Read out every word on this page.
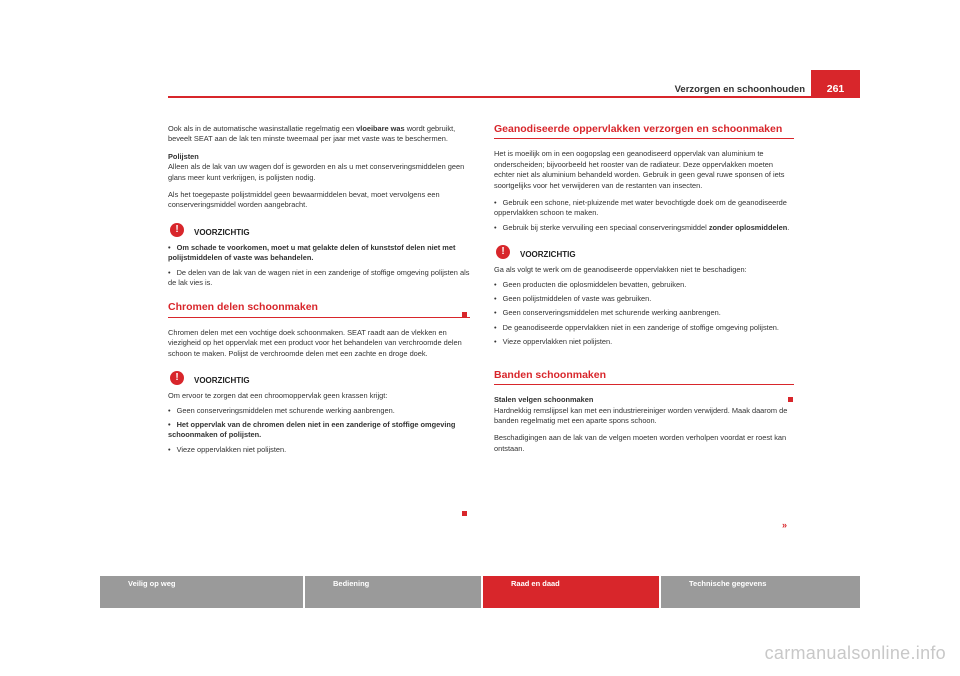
Verzorgen en schoonhouden	261

Ook als in de automatische wasinstallatie regelmatig een vloeibare was wordt gebruikt, beveelt SEAT aan de lak ten minste tweemaal per jaar met vaste was te beschermen.

Polijsten

Alleen als de lak van uw wagen dof is geworden en als u met conserveringsmiddelen geen glans meer kunt verkrijgen, is polijsten nodig.

Als het toegepaste polijstmiddel geen bewaarmiddelen bevat, moet vervolgens een conserveringsmiddel worden aangebracht.

!	VOORZICHTIG

• Om schade te voorkomen, moet u mat gelakte delen of kunststof delen niet met polijstmiddelen of vaste was behandelen.

• De delen van de lak van de wagen niet in een zanderige of stoffige omgeving polijsten als de lak vies is.

Chromen delen schoonmaken

Chromen delen met een vochtige doek schoonmaken. SEAT raadt aan de vlekken en viezigheid op het oppervlak met een product voor het behandelen van verchroomde delen schoon te maken. Polijst de verchroomde delen met een zachte en droge doek.

!	VOORZICHTIG

Om ervoor te zorgen dat een chroomoppervlak geen krassen krijgt:

• Geen conserveringsmiddelen met schurende werking aanbrengen.

• Het oppervlak van de chromen delen niet in een zanderige of stoffige omgeving schoonmaken of polijsten.

• Vieze oppervlakken niet polijsten.

Geanodiseerde oppervlakken verzorgen en schoonmaken

Het is moeilijk om in een oogopslag een geanodiseerd oppervlak van aluminium te onderscheiden; bijvoorbeeld het rooster van de radiateur. Deze oppervlakken moeten echter niet als aluminium behandeld worden. Gebruik in geen geval ruwe sponsen of iets soortgelijks voor het verwijderen van de restanten van insecten.

• Gebruik een schone, niet-pluizende met water bevochtigde doek om de geanodiseerde oppervlakken schoon te maken.

• Gebruik bij sterke vervuiling een speciaal conserveringsmiddel zonder oplosmiddelen.

!	VOORZICHTIG

Ga als volgt te werk om de geanodiseerde oppervlakken niet te beschadigen:

• Geen producten die oplosmiddelen bevatten, gebruiken.

• Geen polijstmiddelen of vaste was gebruiken.

• Geen conserveringsmiddelen met schurende werking aanbrengen.

• De geanodiseerde oppervlakken niet in een zanderige of stoffige omgeving polijsten.

• Vieze oppervlakken niet polijsten.

Banden schoonmaken

Stalen velgen schoonmaken

Hardnekkig remslijpsel kan met een industriereiniger worden verwijderd. Maak daarom de banden regelmatig met een aparte spons schoon.

Beschadigingen aan de lak van de velgen moeten worden verholpen voordat er roest kan ontstaan.

»
Veilig op weg	Bediening	Raad en daad	Technische gegevens
carmanualsonline.info
